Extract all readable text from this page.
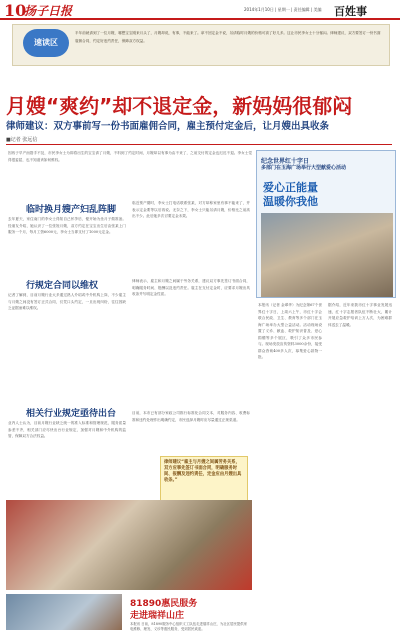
10
扬子日报	2014年1月10日 | 星期一 | 责任编辑 | 美编 百姓事
速读区
半年前就请到了一位月嫂，哪想宝宝刚来月头了，月嫂却说，有事，不能来了。拿不回定金不说，另请临时月嫂的价格可高了好几多。这让市民李女士十分郁闷。律师建议，双方要签订一份书面雇佣合同，约定好违约责任，保障双方权益。
月嫂“爽约”却不退定金，新妈妈很郁闷
律师建议：双方事前写一份书面雇佣合同，雇主预付定金后，让月嫂出具收条
■记者 张远信
因孩子早产而措手不及，市民李女士为即将出生的宝宝请了月嫂，不料到了约定时间，月嫂却以有事为由不来了，之前交付的定金也迟迟不退。李女士觉得很委屈，也不知道该如何维权。
临时换月嫂产妇乱阵脚
去年夏天，家住南门的李女士得知自己怀孕后，便开始为坐月子做准备。经朋友介绍，她认识了一位张姓月嫂，双方约定在宝宝出生后由张某上门服务一个月，每月工资6000元，李女士当即支付了1000元定金。
临近预产期时，李女士打电话联系张某，对方却称家里有事不能来了，并表示定金要等以后再说。无奈之下，李女士只能另请月嫂，价格比之前高出不少。此后她多次讨要定金未果。
行规定合同以维权
记者了解到，目前月嫂行业大多通过熟人介绍或中介机构上岗，不少雇主与月嫂之间没有签订正式合同，仅凭口头约定，一旦出现纠纷，往往因缺乏证据而难以维权。
律师表示，雇主和月嫂之间属于劳务关系，建议双方事先签订书面合同，明确服务时间、报酬以及违约责任。雇主在支付定金时，应要求月嫂出具收条并写明定金性质。
相关行业规定亟待出台
业内人士认为，目前月嫂行业缺乏统一的准入标准和管理规范，服务质量参差不齐，相关部门应尽快出台行业规定，加强对月嫂和中介机构的监管，保障双方合法权益。
目前，本市已有部分家政公司推行标准化合同文本，对服务内容、收费标准和违约处理作出明确约定，市民选择月嫂时应尽量通过正规渠道。
律师建议“雇主与月嫂之间属劳务关系，双方应事先签订书面合同，明确服务时间、报酬及违约责任，定金应由月嫂出具收条。”
纪念世界红十字日
多部门在玉海广场举行大型献爱心活动
爱心正能量
温暖你我他
本报讯（记者 金翠华）为纪念第67个世界红十字日，上周六上午，市红十字会联合民政、卫生、教育等多个部门在玉海广场举办大型公益活动。活动现场设置了义诊、献血、救护知识普及、爱心捐赠等多个展区，吸引了众多市民参与。现场发放宣传资料3000余份，接受群众咨询400多人次，募集爱心款物一批。
据介绍，近年来我市红十字事业发展迅速，红十字志愿者队伍不断壮大，累计开展应急救护培训上万人次，为困难群体送去了温暖。
81890惠民服务
走进瑞祥山庄
本报讯 日前，81890服务中心组织义工队伍走进瑞祥山庄，为社区居民提供家电维修、理发、义诊等惠民服务，受到居民欢迎。
